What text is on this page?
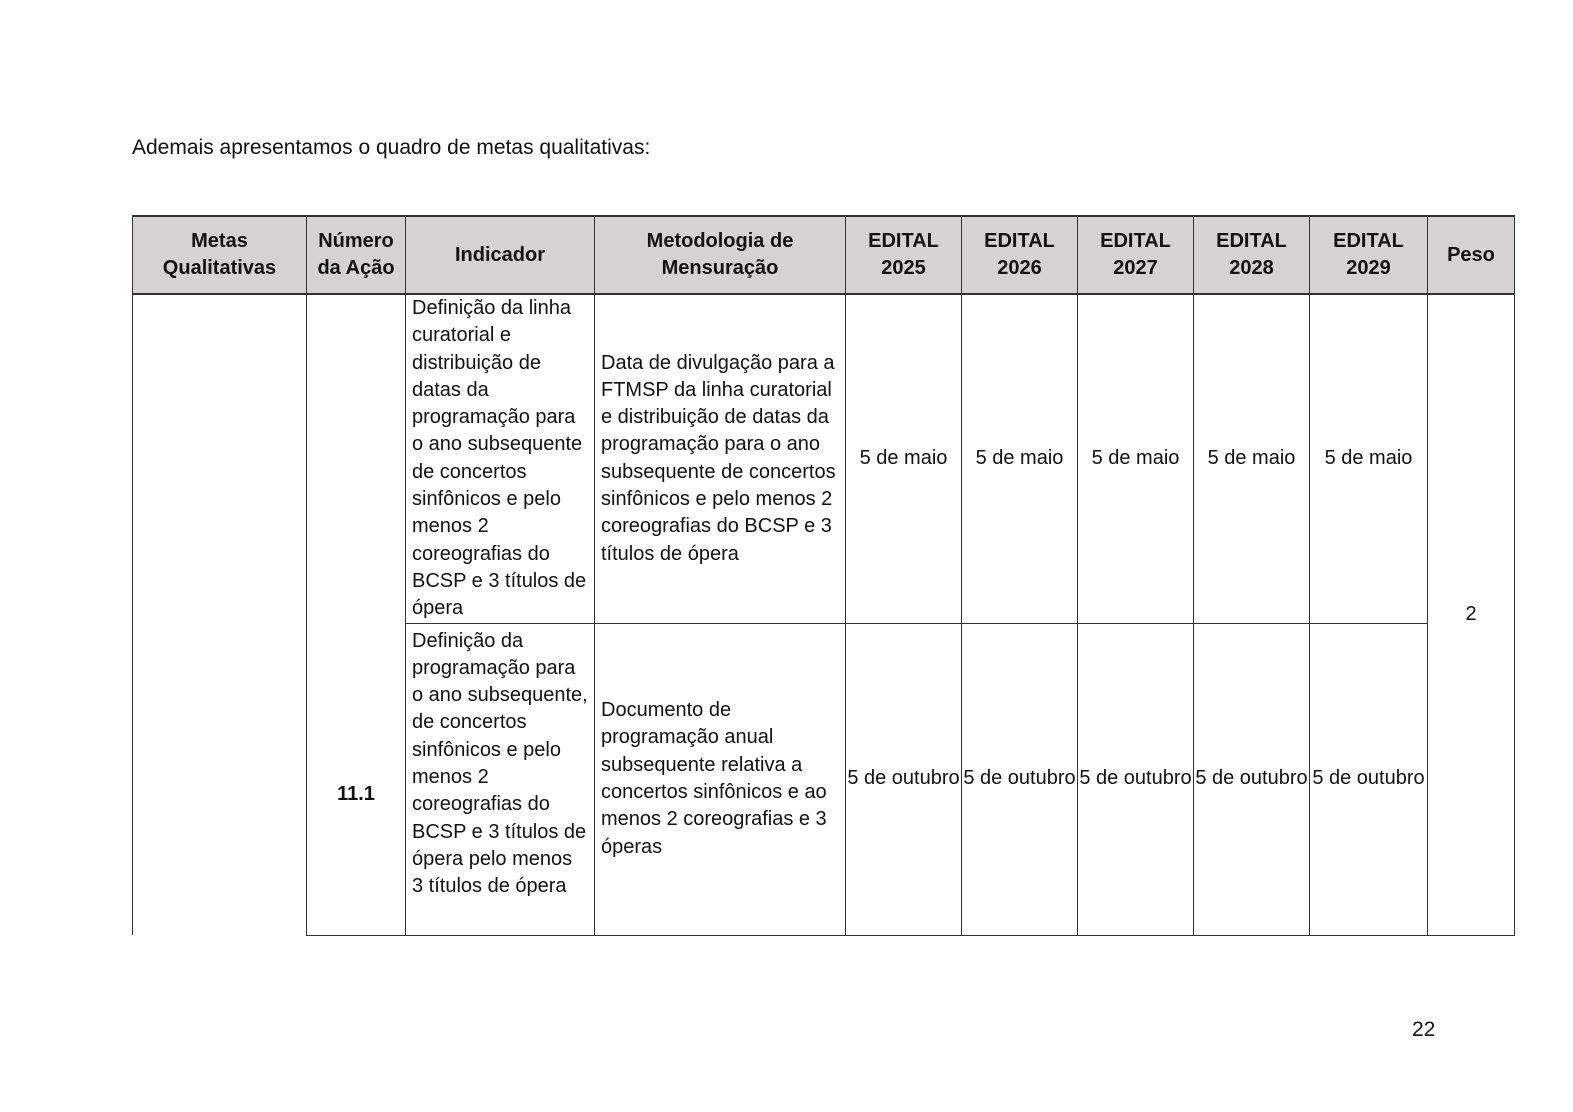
Ademais apresentamos o quadro de metas qualitativas:
Metas Qualitativas	Número da Ação	Indicador	Metodologia de Mensuração	EDITAL 2025	EDITAL 2026	EDITAL 2027	EDITAL 2028	EDITAL 2029	Peso
	11.1	Definição da linha curatorial e distribuição de datas da programação para o ano subsequente de concertos sinfônicos e pelo menos 2 coreografias do BCSP e 3 títulos de ópera	Data de divulgação para a FTMSP da linha curatorial e distribuição de datas da programação para o ano subsequente de concertos sinfônicos e pelo menos 2 coreografias do BCSP e 3 títulos de ópera	5 de maio	5 de maio	5 de maio	5 de maio	5 de maio	2
		Definição da programação para o ano subsequente, de concertos sinfônicos e pelo menos 2 coreografias do BCSP e 3 títulos de ópera pelo menos 3 títulos de ópera	Documento de programação anual subsequente relativa a concertos sinfônicos e ao menos 2 coreografias e 3 óperas	5 de outubro	5 de outubro	5 de outubro	5 de outubro	5 de outubro	
22
